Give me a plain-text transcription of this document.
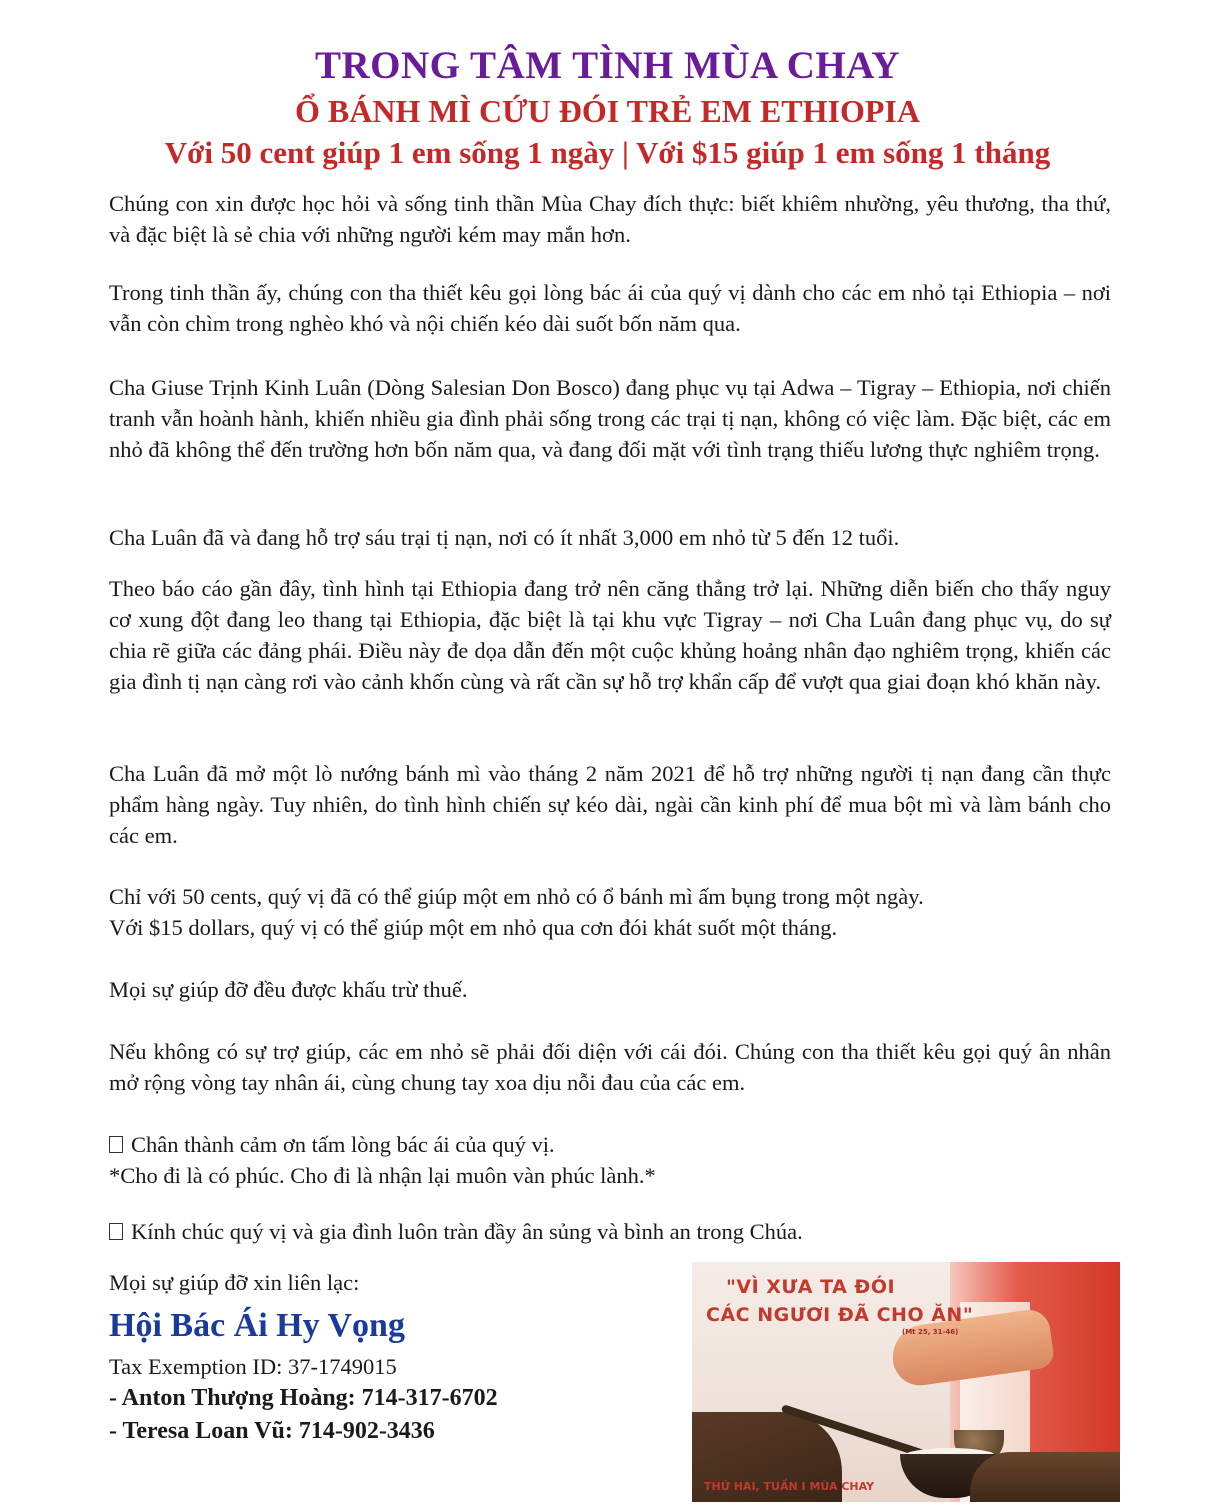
TRONG TÂM TÌNH MÙA CHAY
Ổ BÁNH MÌ CỨU ĐÓI TRẺ EM ETHIOPIA
Với 50 cent giúp 1 em sống 1 ngày | Với $15 giúp 1 em sống 1 tháng

Chúng con xin được học hỏi và sống tinh thần Mùa Chay đích thực: biết khiêm nhường, yêu thương, tha thứ, và đặc biệt là sẻ chia với những người kém may mắn hơn.

Trong tinh thần ấy, chúng con tha thiết kêu gọi lòng bác ái của quý vị dành cho các em nhỏ tại Ethiopia – nơi vẫn còn chìm trong nghèo khó và nội chiến kéo dài suốt bốn năm qua.

Cha Giuse Trịnh Kinh Luân (Dòng Salesian Don Bosco) đang phục vụ tại Adwa – Tigray – Ethiopia, nơi chiến tranh vẫn hoành hành, khiến nhiều gia đình phải sống trong các trại tị nạn, không có việc làm. Đặc biệt, các em nhỏ đã không thể đến trường hơn bốn năm qua, và đang đối mặt với tình trạng thiếu lương thực nghiêm trọng.

Cha Luân đã và đang hỗ trợ sáu trại tị nạn, nơi có ít nhất 3,000 em nhỏ từ 5 đến 12 tuổi.

Theo báo cáo gần đây, tình hình tại Ethiopia đang trở nên căng thẳng trở lại. Những diễn biến cho thấy nguy cơ xung đột đang leo thang tại Ethiopia, đặc biệt là tại khu vực Tigray – nơi Cha Luân đang phục vụ, do sự chia rẽ giữa các đảng phái. Điều này đe dọa dẫn đến một cuộc khủng hoảng nhân đạo nghiêm trọng, khiến các gia đình tị nạn càng rơi vào cảnh khốn cùng và rất cần sự hỗ trợ khẩn cấp để vượt qua giai đoạn khó khăn này.

Cha Luân đã mở một lò nướng bánh mì vào tháng 2 năm 2021 để hỗ trợ những người tị nạn đang cần thực phẩm hàng ngày. Tuy nhiên, do tình hình chiến sự kéo dài, ngài cần kinh phí để mua bột mì và làm bánh cho các em.

Chỉ với 50 cents, quý vị đã có thể giúp một em nhỏ có ổ bánh mì ấm bụng trong một ngày.

Với $15 dollars, quý vị có thể giúp một em nhỏ qua cơn đói khát suốt một tháng.

Mọi sự giúp đỡ đều được khấu trừ thuế.

Nếu không có sự trợ giúp, các em nhỏ sẽ phải đối diện với cái đói. Chúng con tha thiết kêu gọi quý ân nhân mở rộng vòng tay nhân ái, cùng chung tay xoa dịu nỗi đau của các em.

Chân thành cảm ơn tấm lòng bác ái của quý vị.

*Cho đi là có phúc. Cho đi là nhận lại muôn vàn phúc lành.*

Kính chúc quý vị và gia đình luôn tràn đầy ân sủng và bình an trong Chúa.

Mọi sự giúp đỡ xin liên lạc:
Hội Bác Ái Hy Vọng
Tax Exemption ID: 37-1749015
- Anton Thượng Hoàng: 714-317-6702
- Teresa Loan Vũ: 714-902-3436
"VÌ XƯA TA ĐÓI
CÁC NGƯƠI ĐÃ CHO ĂN"
(Mt 25, 31-46)
THỨ HAI, TUẦN I MÙA CHAY
